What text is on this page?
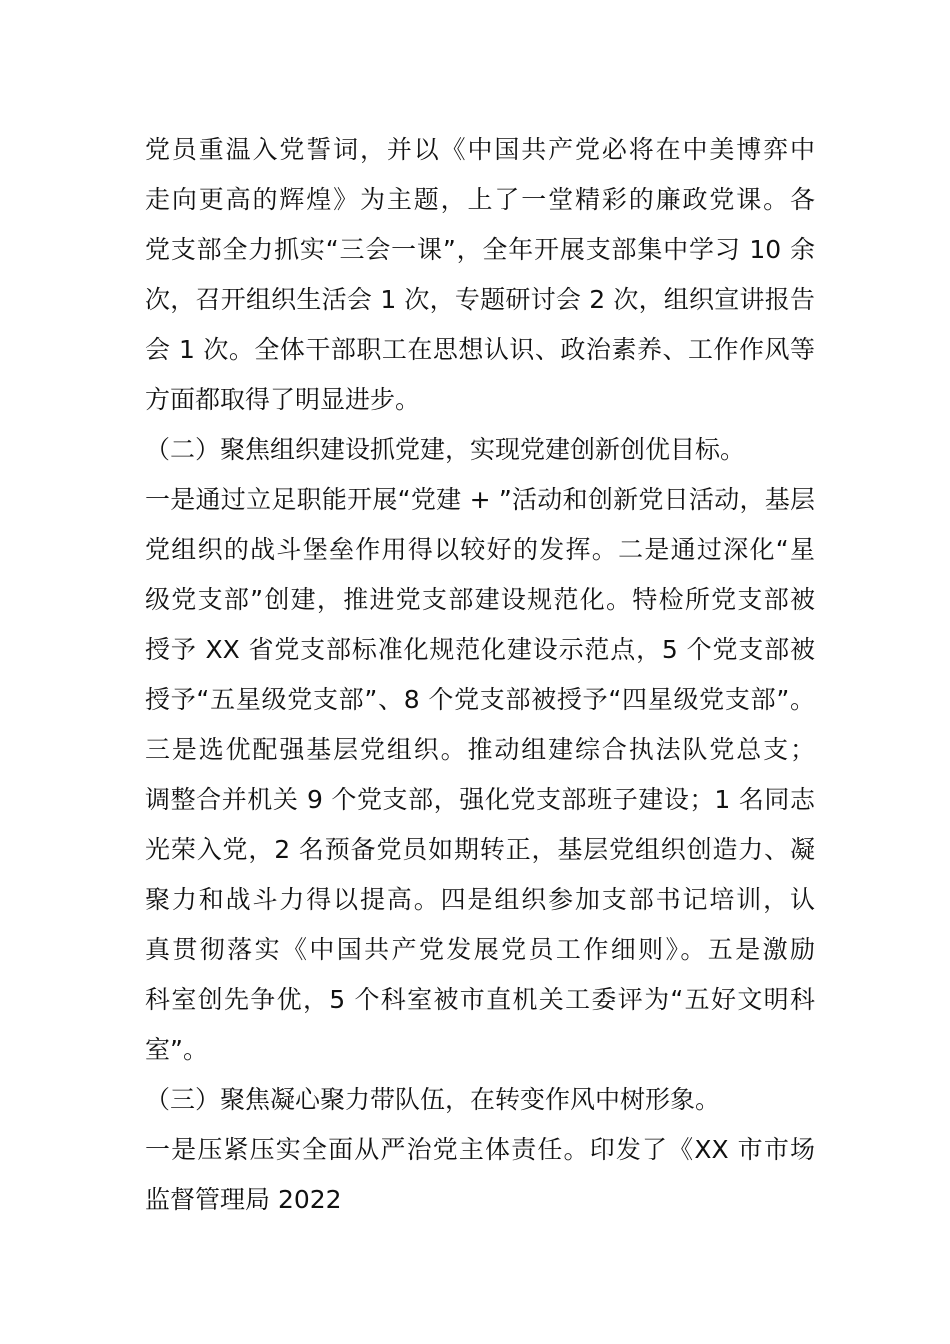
党员重温入党誓词，并以《中国共产党必将在中美博弈中
走向更高的辉煌》为主题，上了一堂精彩的廉政党课。各
党支部全力抓实“三会一课”，全年开展支部集中学习 10 余
次，召开组织生活会 1 次，专题研讨会 2 次，组织宣讲报告
会 1 次。全体干部职工在思想认识、政治素养、工作作风等
方面都取得了明显进步。
（二）聚焦组织建设抓党建，实现党建创新创优目标。
一是通过立足职能开展“党建 + ”活动和创新党日活动，基层
党组织的战斗堡垒作用得以较好的发挥。二是通过深化“星
级党支部”创建，推进党支部建设规范化。特检所党支部被
授予 XX 省党支部标准化规范化建设示范点，5 个党支部被
授予“五星级党支部”、8 个党支部被授予“四星级党支部”。
三是选优配强基层党组织。推动组建综合执法队党总支；
调整合并机关 9 个党支部，强化党支部班子建设；1 名同志
光荣入党，2 名预备党员如期转正，基层党组织创造力、凝
聚力和战斗力得以提高。四是组织参加支部书记培训，认
真贯彻落实《中国共产党发展党员工作细则》。五是激励
科室创先争优，5 个科室被市直机关工委评为“五好文明科
室”。
（三）聚焦凝心聚力带队伍，在转变作风中树形象。
一是压紧压实全面从严治党主体责任。印发了《XX 市市场
监督管理局 2022
